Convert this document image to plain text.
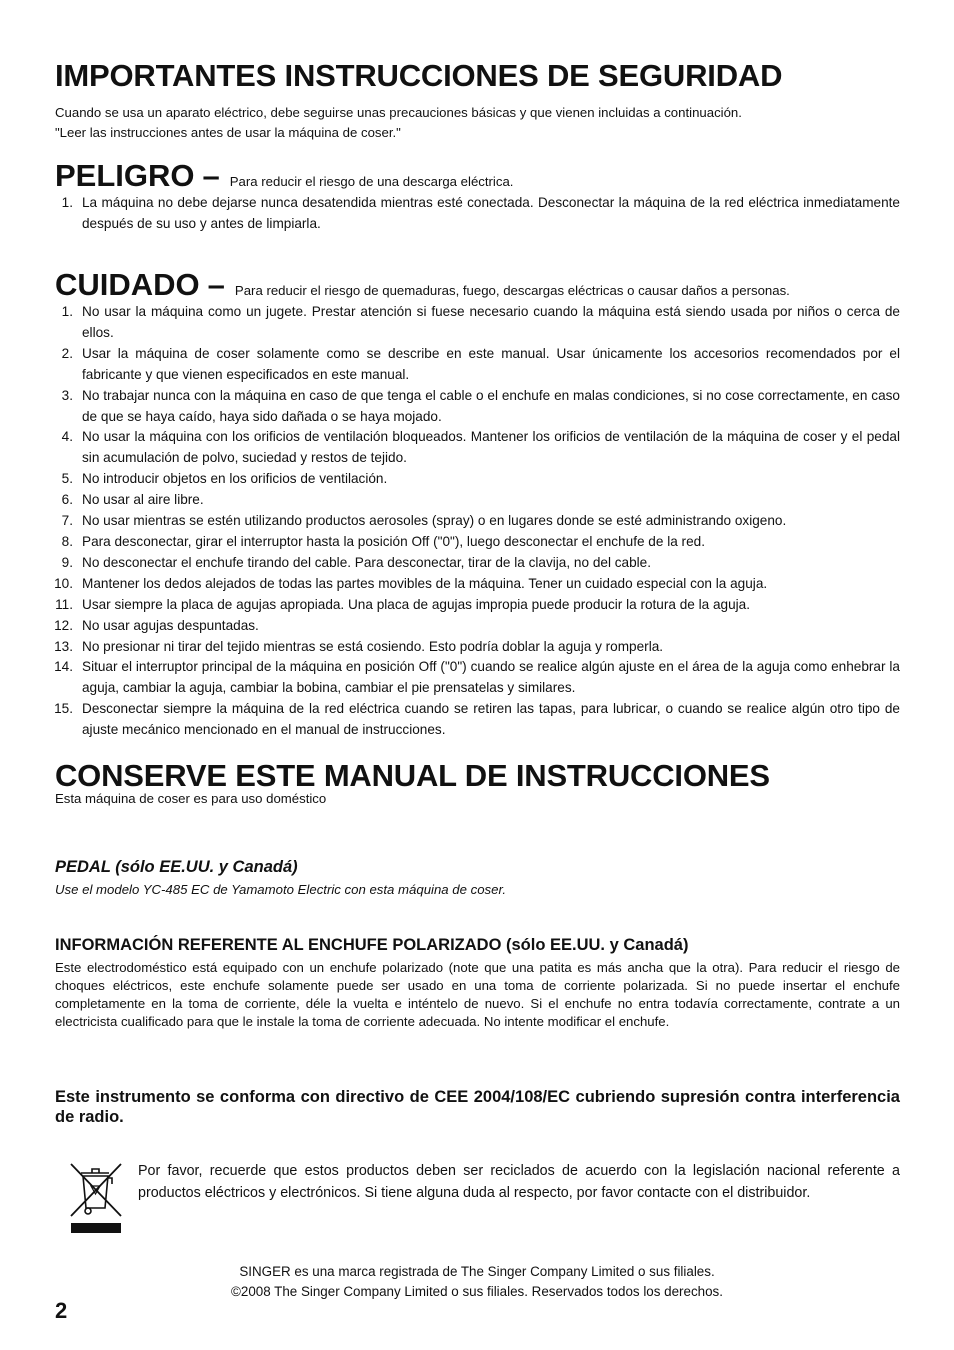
IMPORTANTES INSTRUCCIONES DE SEGURIDAD
Cuando se usa un aparato eléctrico, debe seguirse unas precauciones básicas y que vienen incluidas a continuación.
"Leer las instrucciones antes de usar la máquina de coser."
PELIGRO – Para reducir el riesgo de una descarga eléctrica.
1. La máquina no debe dejarse nunca desatendida mientras esté conectada. Desconectar la máquina de la red eléctrica inmediatamente después de su uso y antes de limpiarla.
CUIDADO – Para reducir el riesgo de quemaduras, fuego, descargas eléctricas o causar daños a personas.
1. No usar la máquina como un jugete. Prestar atención si fuese necesario cuando la máquina está siendo usada por niños o cerca de ellos.
2. Usar la máquina de coser solamente como se describe en este manual. Usar únicamente los accesorios recomendados por el fabricante y que vienen especificados en este manual.
3. No trabajar nunca con la máquina en caso de que tenga el cable o el enchufe en malas condiciones, si no cose correctamente, en caso de que se haya caído, haya sido dañada o se haya mojado.
4. No usar la máquina con los orificios de ventilación bloqueados. Mantener los orificios de ventilación de la máquina de coser y el pedal sin acumulación de polvo, suciedad y restos de tejido.
5. No introducir objetos en los orificios de ventilación.
6. No usar al aire libre.
7. No usar mientras se estén utilizando productos aerosoles (spray) o en lugares donde se esté administrando oxigeno.
8. Para desconectar, girar el interruptor hasta la posición Off ("0"), luego desconectar el enchufe de la red.
9. No desconectar el enchufe tirando del cable. Para desconectar, tirar de la clavija, no del cable.
10. Mantener los dedos alejados de todas las partes movibles de la máquina. Tener un cuidado especial con la aguja.
11. Usar siempre la placa de agujas apropiada. Una placa de agujas impropia puede producir la rotura de la aguja.
12. No usar agujas despuntadas.
13. No presionar ni tirar del tejido mientras se está cosiendo. Esto podría doblar la aguja y romperla.
14. Situar el interruptor principal de la máquina en posición Off ("0") cuando se realice algún ajuste en el área de la aguja como enhebrar la aguja, cambiar la aguja, cambiar la bobina, cambiar el pie prensatelas y similares.
15. Desconectar siempre la máquina de la red eléctrica cuando se retiren las tapas, para lubricar, o cuando se realice algún otro tipo de ajuste mecánico mencionado en el manual de instrucciones.
CONSERVE ESTE MANUAL DE INSTRUCCIONES
Esta máquina de coser es para uso doméstico
PEDAL (sólo EE.UU. y Canadá)
Use el modelo YC-485 EC de Yamamoto Electric con esta máquina de coser.
INFORMACIÓN REFERENTE AL ENCHUFE POLARIZADO (sólo EE.UU. y Canadá)
Este electrodoméstico está equipado con un enchufe polarizado (note que una patita es más ancha que la otra). Para reducir el riesgo de choques eléctricos, este enchufe solamente puede ser usado en una toma de corriente polarizada. Si no puede insertar el enchufe completamente en la toma de corriente, déle la vuelta e inténtelo de nuevo. Si el enchufe no entra todavía correctamente, contrate a un electricista cualificado para que le instale la toma de corriente adecuada. No intente modificar el enchufe.
Este instrumento se conforma con directivo de CEE 2004/108/EC cubriendo supresión contra interferencia de radio.
Por favor, recuerde que estos productos deben ser reciclados de acuerdo con la legislación nacional referente a productos eléctricos y electrónicos. Si tiene alguna duda al respecto, por favor contacte con el distribuidor.
SINGER es una marca registrada de The Singer Company Limited o sus filiales.
©2008 The Singer Company Limited o sus filiales. Reservados todos los derechos.
2
